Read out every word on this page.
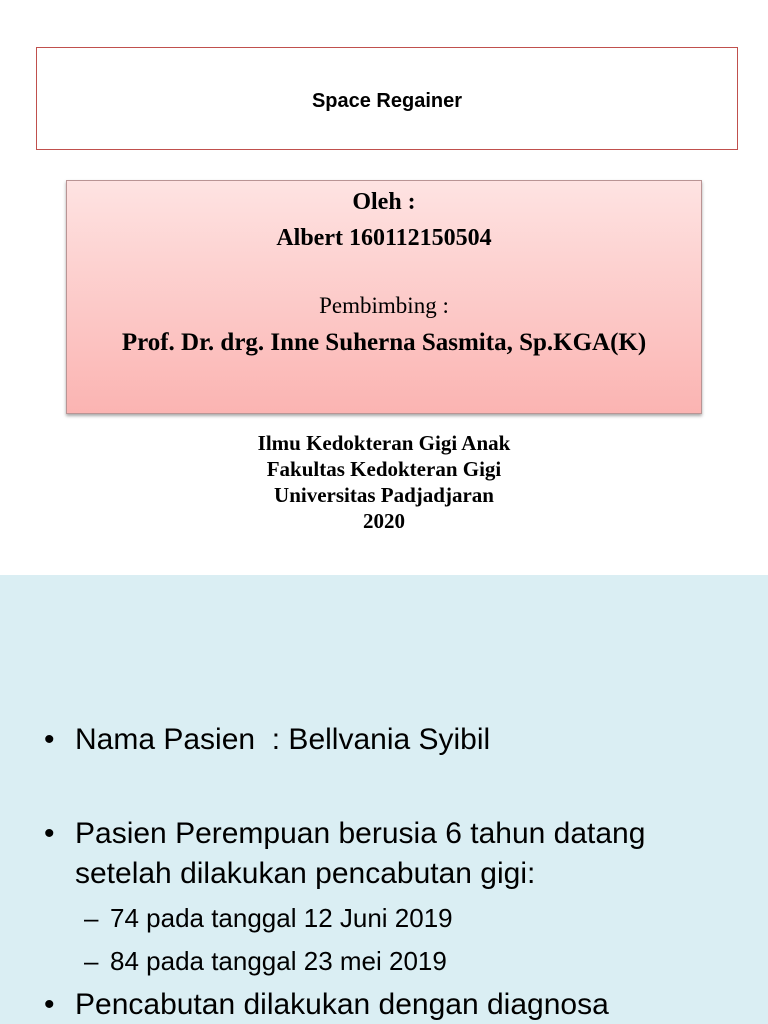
Space Regainer
Oleh :
Albert 160112150504
Pembimbing :
Prof. Dr. drg. Inne Suherna Sasmita, Sp.KGA(K)
Ilmu Kedokteran Gigi Anak
Fakultas Kedokteran Gigi
Universitas Padjadjaran
2020
•
Nama Pasien  : Bellvania Syibil
•
Pasien Perempuan berusia 6 tahun datang setelah dilakukan pencabutan gigi:
–
74 pada tanggal 12 Juni 2019
–
84 pada tanggal 23 mei 2019
•
Pencabutan dilakukan dengan diagnosa
